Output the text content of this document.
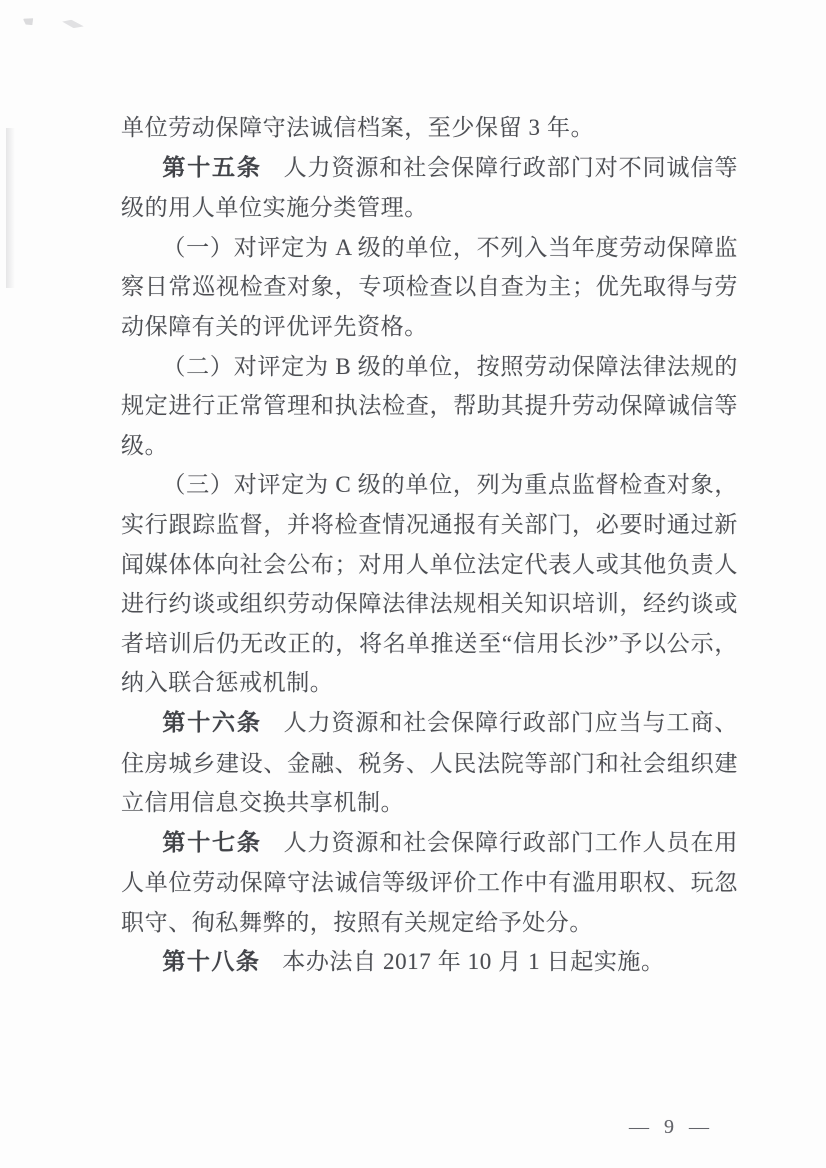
单位劳动保障守法诚信档案，至少保留 3 年。

第十五条 人力资源和社会保障行政部门对不同诚信等级的用人单位实施分类管理。

（一）对评定为 A 级的单位，不列入当年度劳动保障监察日常巡视检查对象，专项检查以自查为主；优先取得与劳动保障有关的评优评先资格。

（二）对评定为 B 级的单位，按照劳动保障法律法规的规定进行正常管理和执法检查，帮助其提升劳动保障诚信等级。

（三）对评定为 C 级的单位，列为重点监督检查对象，实行跟踪监督，并将检查情况通报有关部门，必要时通过新闻媒体体向社会公布；对用人单位法定代表人或其他负责人进行约谈或组织劳动保障法律法规相关知识培训，经约谈或者培训后仍无改正的，将名单推送至“信用长沙”予以公示，纳入联合惩戒机制。

第十六条 人力资源和社会保障行政部门应当与工商、住房城乡建设、金融、税务、人民法院等部门和社会组织建立信用信息交换共享机制。

第十七条 人力资源和社会保障行政部门工作人员在用人单位劳动保障守法诚信等级评价工作中有滥用职权、玩忽职守、徇私舞弊的，按照有关规定给予处分。

第十八条 本办法自 2017 年 10 月 1 日起实施。

— 9 —
